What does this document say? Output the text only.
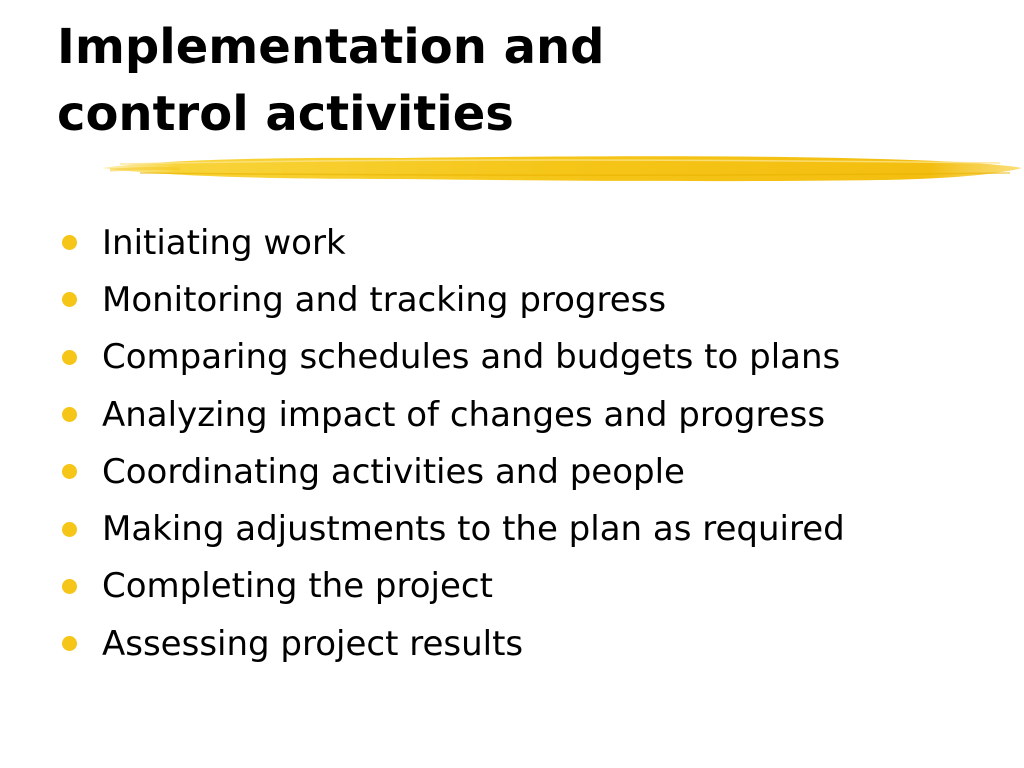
Implementation and
control activities
Initiating work
Monitoring and tracking progress
Comparing schedules and budgets to plans
Analyzing impact of changes and progress
Coordinating activities and people
Making adjustments to the plan as required
Completing the project
Assessing project results
